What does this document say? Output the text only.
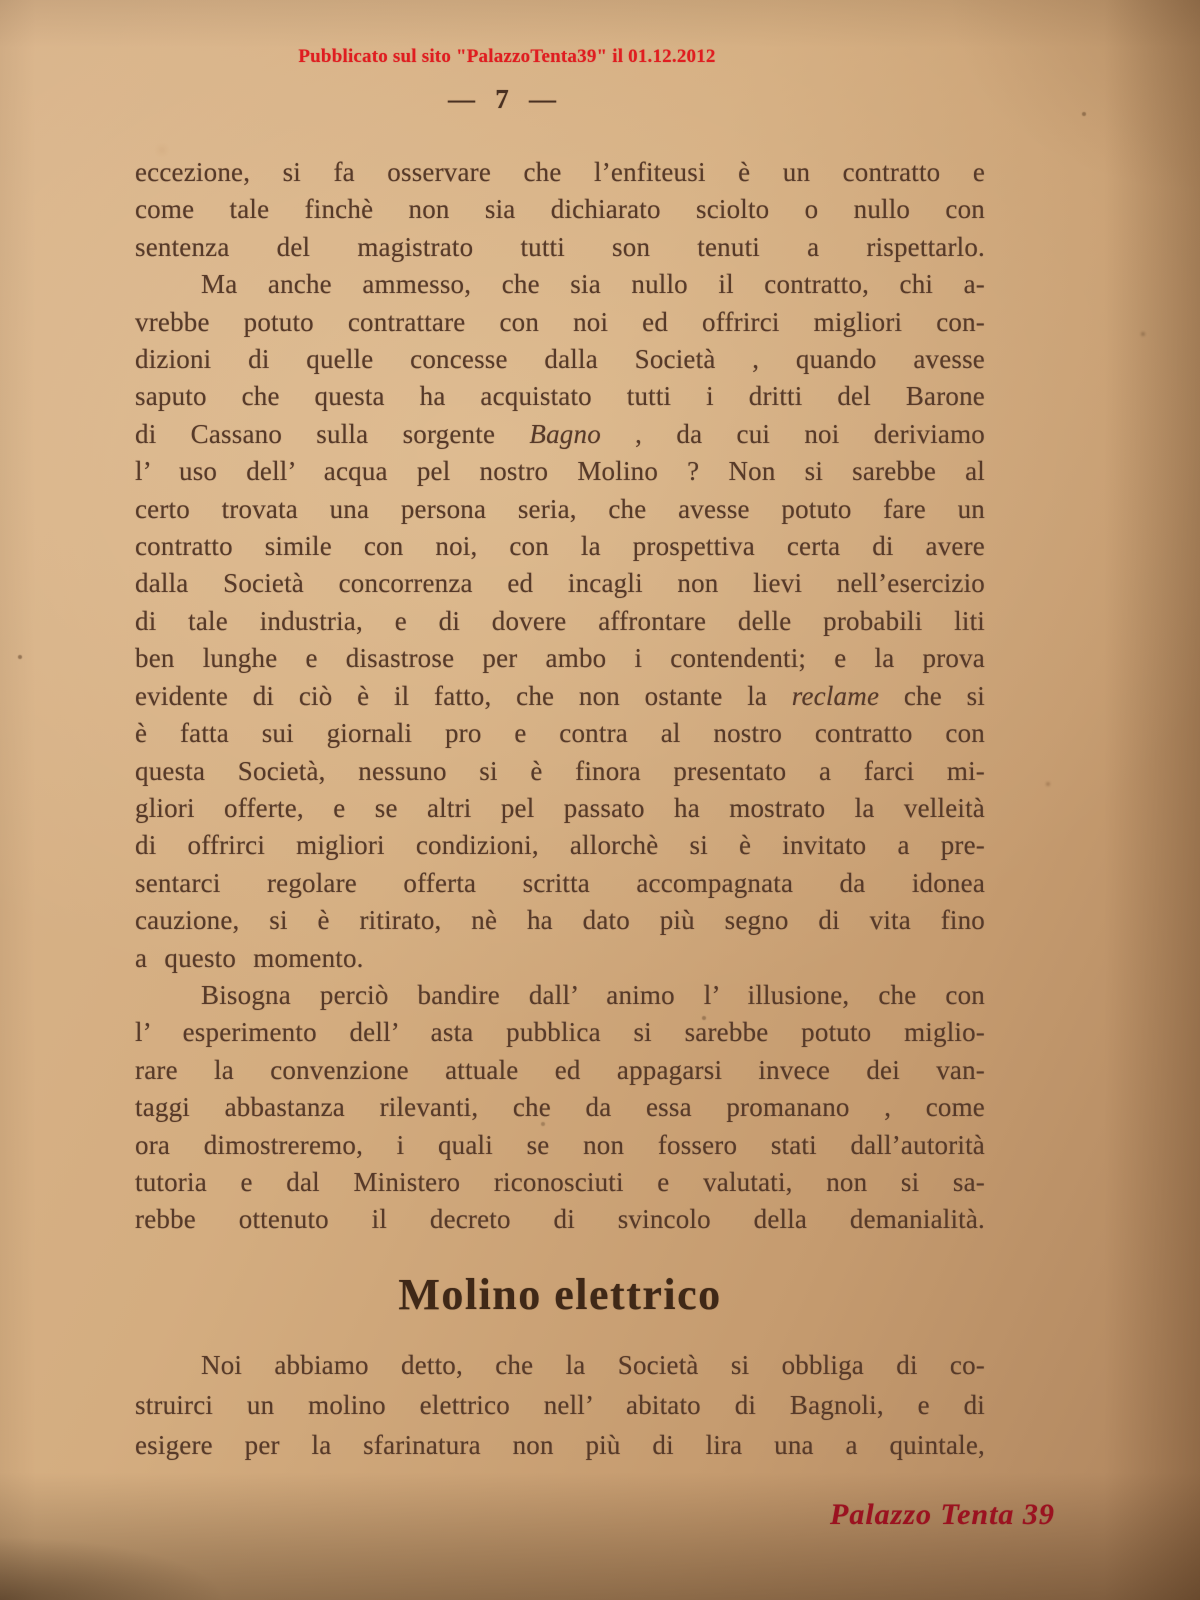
Pubblicato sul sito "PalazzoTenta39" il 01.12.2012
—   7   —
eccezione, si fa osservare che l’enfiteusi è un contratto e
come tale finchè non sia dichiarato sciolto o nullo con
sentenza del magistrato tutti son tenuti a rispettarlo.
Ma anche ammesso, che sia nullo il contratto, chi a-
vrebbe potuto contrattare con noi ed offrirci migliori con-
dizioni di quelle concesse dalla Società , quando avesse
saputo che questa ha acquistato tutti i dritti del Barone
di Cassano sulla sorgente Bagno , da cui noi deriviamo
l’ uso dell’ acqua pel nostro Molino ? Non si sarebbe al
certo trovata una persona seria, che avesse potuto fare un
contratto simile con noi, con la prospettiva certa di avere
dalla Società concorrenza ed incagli non lievi nell’esercizio
di tale industria, e di dovere affrontare delle probabili liti
ben lunghe e disastrose per ambo i contendenti; e la prova
evidente di ciò è il fatto, che non ostante la reclame che si
è fatta sui giornali pro e contra al nostro contratto con
questa Società, nessuno si è finora presentato a farci mi-
gliori offerte, e se altri pel passato ha mostrato la velleità
di offrirci migliori condizioni, allorchè si è invitato a pre-
sentarci regolare offerta scritta accompagnata da idonea
cauzione, si è ritirato, nè ha dato più segno di vita fino
a questo momento.
Bisogna perciò bandire dall’ animo l’ illusione, che con
l’ esperimento dell’ asta pubblica si sarebbe potuto miglio-
rare la convenzione attuale ed appagarsi invece dei van-
taggi abbastanza rilevanti, che da essa promanano , come
ora dimostreremo, i quali se non fossero stati dall’autorità
tutoria e dal Ministero riconosciuti e valutati, non si sa-
rebbe ottenuto il decreto di svincolo della demanialità.
Molino elettrico
Noi abbiamo detto, che la Società si obbliga di co-
struirci un molino elettrico nell’ abitato di Bagnoli, e di
esigere per la sfarinatura non più di lira una a quintale,
Palazzo Tenta 39
